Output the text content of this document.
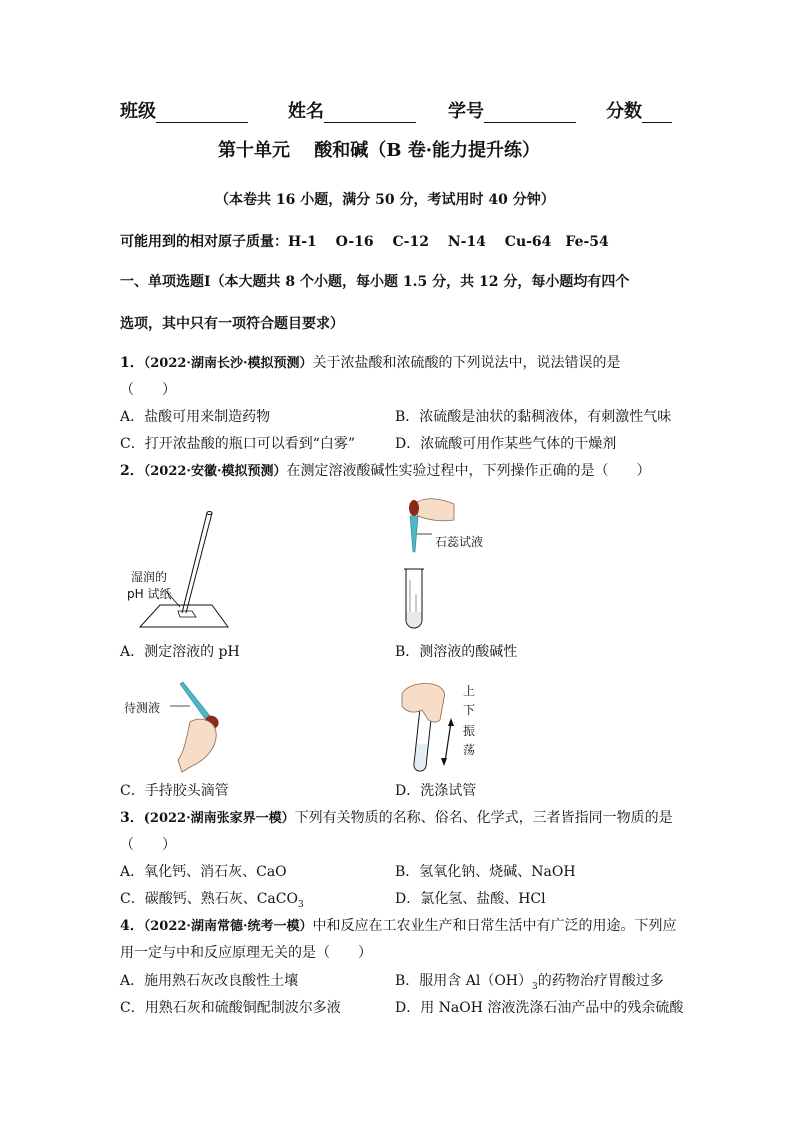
班级	姓名	学号	分数
第十单元　 酸和碱（B 卷·能力提升练）
（本卷共 16 小题，满分 50 分，考试用时 40 分钟）
可能用到的相对原子质量：H-1　 O-16　 C-12　 N-14　 Cu-64　Fe-54
一、单项选题Ⅰ（本大题共 8 个小题，每小题 1.5 分，共 12 分，每小题均有四个
选项，其中只有一项符合题目要求）
1．（2022·湖南长沙·模拟预测）关于浓盐酸和浓硫酸的下列说法中，说法错误的是
（　　）
A．盐酸可用来制造药物	B．浓硫酸是油状的黏稠液体，有刺激性气味
C．打开浓盐酸的瓶口可以看到“白雾”	D．浓硫酸可用作某些气体的干燥剂
2．（2022·安徽·模拟预测）在测定溶液酸碱性实验过程中，下列操作正确的是（　　）
湿润的
pH 试纸
石蕊试液
A．测定溶液的 pH	B．测溶液的酸碱性
待测液
上
下
振
荡
C．手持胶头滴管	D．洗涤试管
3．(2022·湖南张家界一模）下列有关物质的名称、俗名、化学式，三者皆指同一物质的是
（　　）
A．氧化钙、消石灰、CaO	B．氢氧化钠、烧碱、NaOH
C．碳酸钙、熟石灰、CaCO$_3$	D．氯化氢、盐酸、HCl
4．（2022·湖南常德·统考一模）中和反应在工农业生产和日常生活中有广泛的用途。下列应
用一定与中和反应原理无关的是（　　）
A．施用熟石灰改良酸性土壤	B．服用含 $Al(OH)_3$的药物治疗胃酸过多
C．用熟石灰和硫酸铜配制波尔多液	D．用 NaOH 溶液洗涤石油产品中的残余硫酸
